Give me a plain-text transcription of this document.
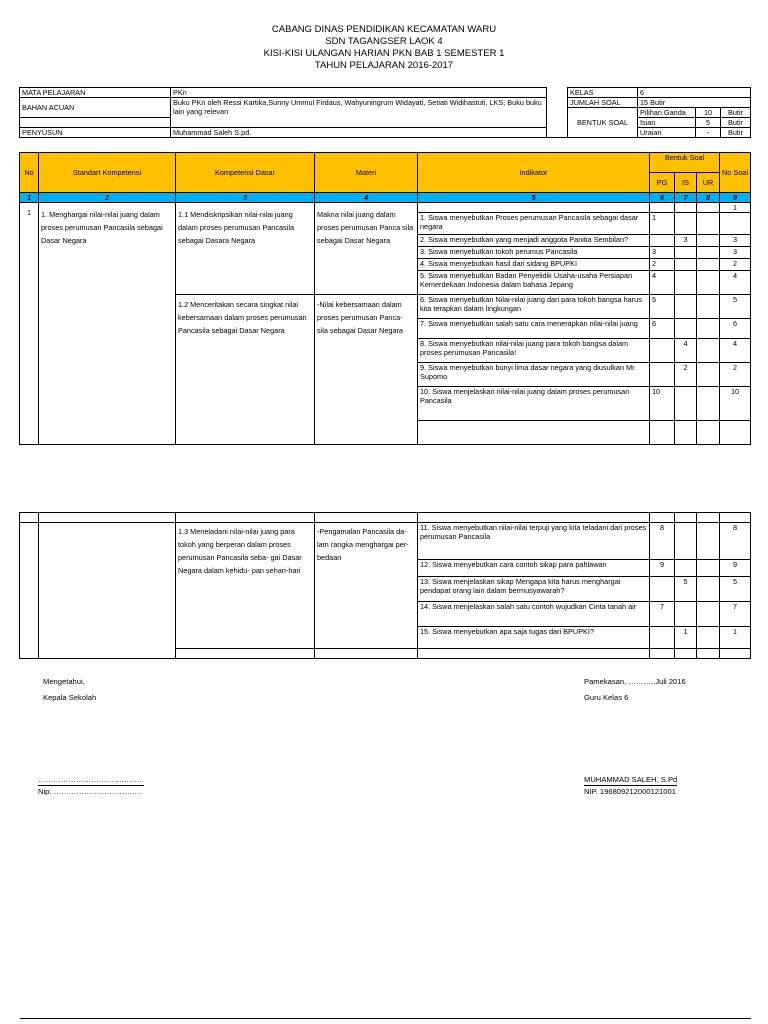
CABANG DINAS PENDIDIKAN KECAMATAN WARU
SDN TAGANGSER LAOK 4
KISI-KISI ULANGAN HARIAN PKN BAB 1 SEMESTER 1
TAHUN PELAJARAN 2016-2017
MATA PELAJARAN	PKn		KELAS	6		
BAHAN ACUAN	Buku PKn oleh Ressi Kartika,Sunny Ummul Firdaus, Wahyuningrum Widayati, Setiati Widihastuti, LKS, Buku buku lain yang relevan		JUMLAH SOAL	15 Butir		
			BENTUK SOAL	Pilihan Ganda	10	Butir
				Isian	5	Butir
PENYUSUN	Muhammad Saleh S.pd.			Uraian	-	Butir
No	Standart Kompetensi	Kompetensi Dasar	Materi	Indikator	Bentuk Soal			No Soal
					PG	IS	UR	
1	2	3	4	5	6	7	8	9
1	1. Menghargai nilai-nilai juang dalam proses perumusan Pancasila sebagai Dasar Negara	1.1 Mendiskripsikan nilai-nilai juang dalam proses perumusan Pancasila sebagai Dasara Negara	Makna nilai juang dalam proses perumusan Panca sila sebagai Dasar Negara					1
				1. Siswa menyebutkan Proses perumusan Pancasila sebagai dasar negara	1			
				2. Siswa menyebutkan yang menjadi anggota Panitia Sembilan?		3		3
				3. Siswa menyebutkan tokoh perumus Pancasila	3			3
				4. Siswa menyebutkan hasil dari sidang BPUPKI	2			2
				5. Siswa menyebutkan Badan Penyelidik Usaha-usaha Persiapan Kemerdekaan Indonesia dalam bahasa Jepang	4			4
		1.2 Menceritakan secara singkat nilai kebersamaan dalam proses perumusan Pancasila sebagai Dasar Negara	-Nilai kebersamaan dalam proses perumusan Panca- sila sebagai Dasar Negara	6. Siswa menyebutkan Nilai-nilai juang dari para tokoh bangsa harus kita terapkan dalam lingkungan	5			5
				7. Siswa menyebutkan salah satu cara menerapkan nilai-nilai juang	6			6
				8. Siswa menyebutkan nilai-nilai juang para tokoh bangsa dalam proses perumusan Pancasila!		4		4
				9. Siswa menyebutkan bunyi lima dasar negara yang diusulkan Mr. Supomo		2		2
				10. Siswa menjelaskan nilai-nilai juang dalam proses perumusan Pancasila	10			10

		1.3 Meneladani nilai-nilai juang para tokoh yang berperan dalam proses perumusan Pancasila seba- gai Dasar Negara dalam kehidu- pan sehari-hari	-Pengamalan Pancasila da- lam rangka menghargai per- bedaan	11. Siswa menyebutkan nilai-nilai terpuji yang kita teladani dari proses perumusan Pancasila	8			8
				12. Siswa menyebutkan cara contoh sikap para pahlawan	9			9
				13. Siswa menjelaskan sikap Mengapa kita harus menghargai pendapat orang lain dalam bermusyawarah?		5		5
				14. Siswa menjelaskan salah satu contoh wujudkan Cinta tanah air	7			7
				15. Siswa menyebutkan apa saja tugas dari BPUPKI?		1		1

Mengetahui,
Kepala Sekolah
……………………………………
Nip: ……………………………..
Pamekasan, ………..Juli 2016
Guru Kelas 6
MUHAMMAD SALEH, S.Pd
NIP. 196809212000121001
